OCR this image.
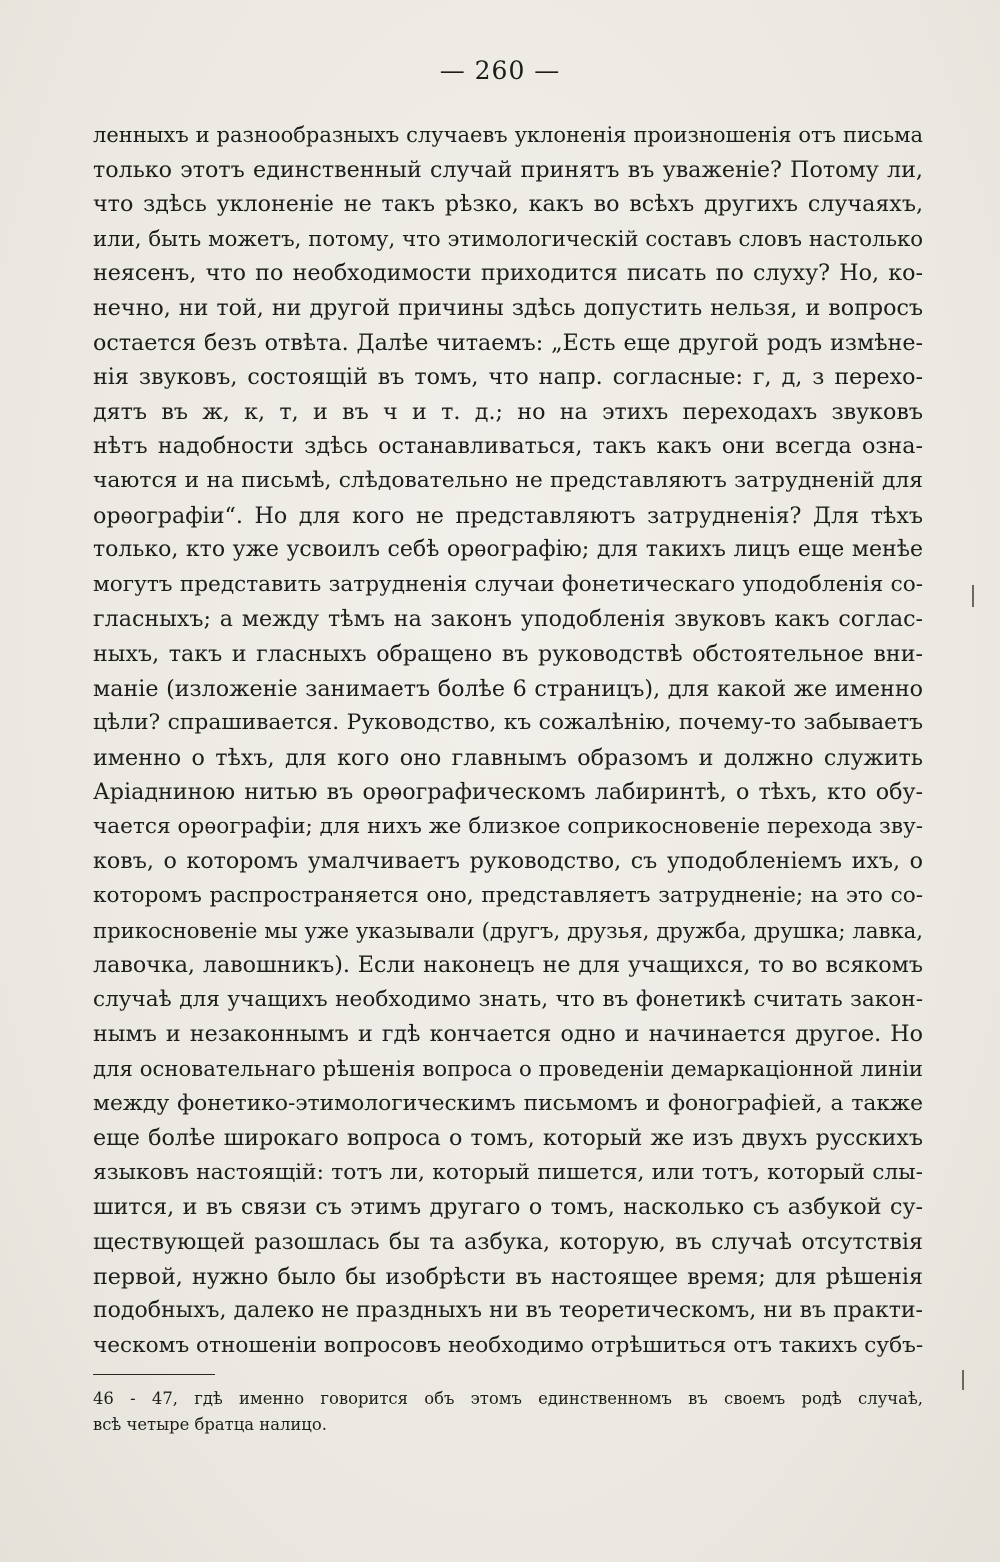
— 260 —
ленныхъ и разнообразныхъ случаевъ уклоненія произношенія отъ письма
только этотъ единственный случай принятъ въ уваженіе? Потому ли,
что здѣсь уклоненіе не такъ рѣзко, какъ во всѣхъ другихъ случаяхъ,
или, быть можетъ, потому, что этимологическій составъ словъ настолько
неясенъ, что по необходимости приходится писать по слуху? Но, ко-
нечно, ни той, ни другой причины здѣсь допустить нельзя, и вопросъ
остается безъ отвѣта. Далѣе читаемъ: „Есть еще другой родъ измѣне-
нія звуковъ, состоящій въ томъ, что напр. согласные: г, д, з перехо-
дятъ въ ж, к, т, и въ ч и т. д.; но на этихъ переходахъ звуковъ
нѣтъ надобности здѣсь останавливаться, такъ какъ они всегда озна-
чаются и на письмѣ, слѣдовательно не представляютъ затрудненій для
орѳографіи“. Но для кого не представляютъ затрудненія? Для тѣхъ
только, кто уже усвоилъ себѣ орѳографію; для такихъ лицъ еще менѣе
могутъ представить затрудненія случаи фонетическаго уподобленія со-
гласныхъ; а между тѣмъ на законъ уподобленія звуковъ какъ соглас-
ныхъ, такъ и гласныхъ обращено въ руководствѣ обстоятельное вни-
маніе (изложеніе занимаетъ болѣе 6 страницъ), для какой же именно
цѣли? спрашивается. Руководство, къ сожалѣнію, почему-то забываетъ
именно о тѣхъ, для кого оно главнымъ образомъ и должно служить
Аріадниною нитью въ орѳографическомъ лабиринтѣ, о тѣхъ, кто обу-
чается орѳографіи; для нихъ же близкое соприкосновеніе перехода зву-
ковъ, о которомъ умалчиваетъ руководство, съ уподобленіемъ ихъ, о
которомъ распространяется оно, представляетъ затрудненіе; на это со-
прикосновеніе мы уже указывали (другъ, друзья, дружба, друшка; лавка,
лавочка, лавошникъ). Если наконецъ не для учащихся, то во всякомъ
случаѣ для учащихъ необходимо знать, что въ фонетикѣ считать закон-
нымъ и незаконнымъ и гдѣ кончается одно и начинается другое. Но
для основательнаго рѣшенія вопроса о проведеніи демаркаціонной линіи
между фонетико-этимологическимъ письмомъ и фонографіей, а также
еще болѣе широкаго вопроса о томъ, который же изъ двухъ русскихъ
языковъ настоящій: тотъ ли, который пишется, или тотъ, который слы-
шится, и въ связи съ этимъ другаго о томъ, насколько съ азбукой су-
ществующей разошлась бы та азбука, которую, въ случаѣ отсутствія
первой, нужно было бы изобрѣсти въ настоящее время; для рѣшенія
подобныхъ, далеко не праздныхъ ни въ теоретическомъ, ни въ практи-
ческомъ отношеніи вопросовъ необходимо отрѣшиться отъ такихъ субъ-
46 - 47, гдѣ именно говорится объ этомъ единственномъ въ своемъ родѣ случаѣ,
всѣ четыре братца налицо.
